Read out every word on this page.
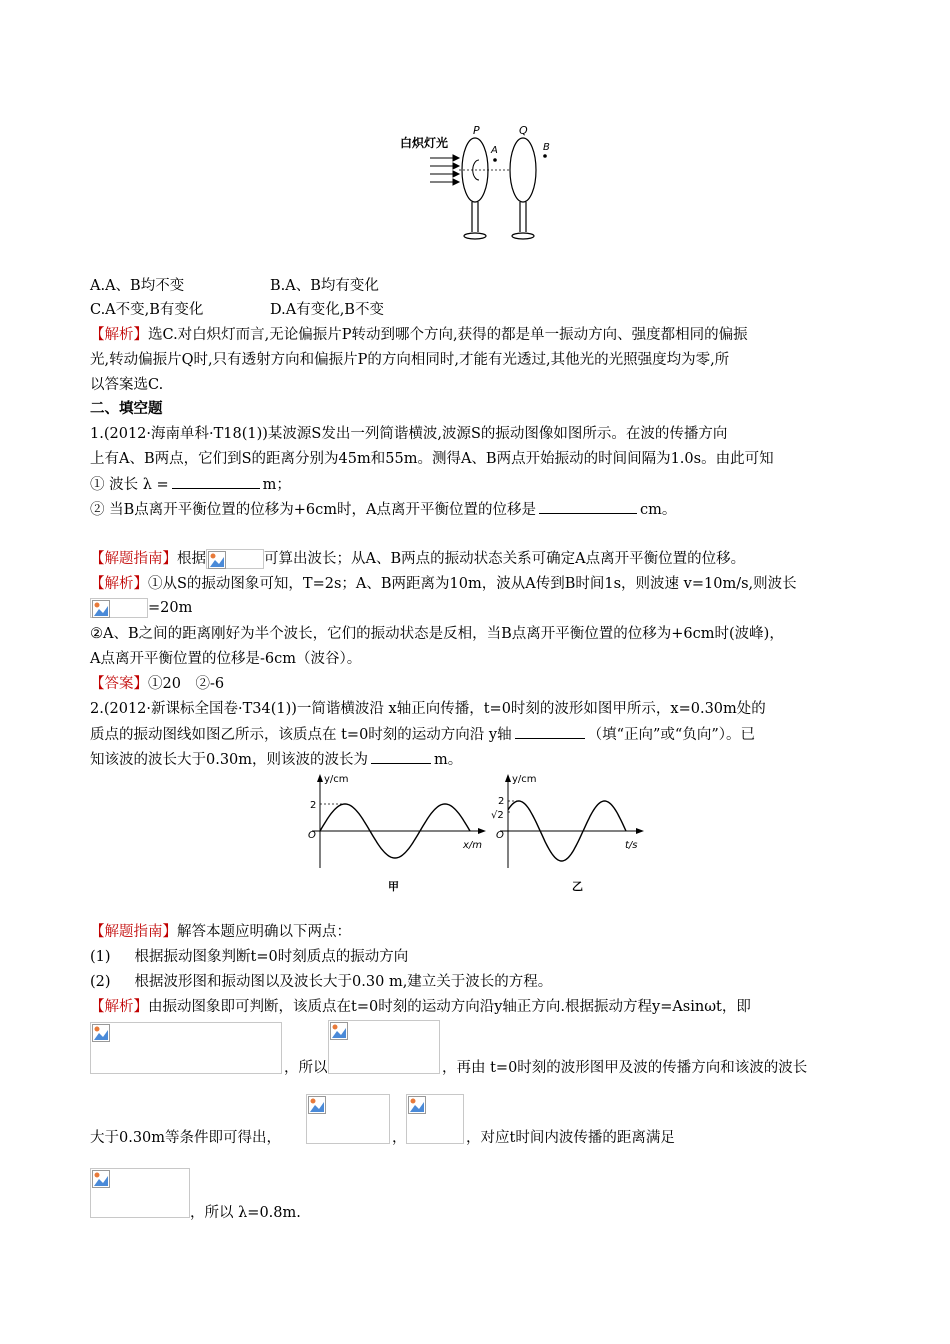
白炽灯光
P
A
Q
B
A.A、B均不变	B.A、B均有变化
C.A不变,B有变化	D.A有变化,B不变
【解析】选C.对白炽灯而言,无论偏振片P转动到哪个方向,获得的都是单一振动方向、强度都相同的偏振
光,转动偏振片Q时,只有透射方向和偏振片P的方向相同时,才能有光透过,其他光的光照强度均为零,所
以答案选C.
二、填空题
1.(2012·海南单科·T18(1))某波源S发出一列简谐横波,波源S的振动图像如图所示。在波的传播方向
上有A、B两点，它们到S的距离分别为45m和55m。测得A、B两点开始振动的时间间隔为1.0s。由此可知
① 波长 λ =	m；
② 当B点离开平衡位置的位移为+6cm时，A点离开平衡位置的位移是	cm。
【解题指南】根据	可算出波长；从A、B两点的振动状态关系可确定A点离开平衡位置的位移。
【解析】①从S的振动图象可知，T=2s；A、B两距离为10m，波从A传到B时间1s，则波速 v=10m/s,则波长
=20m
②A、B之间的距离刚好为半个波长，它们的振动状态是反相，当B点离开平衡位置的位移为+6cm时(波峰)，
A点离开平衡位置的位移是-6cm（波谷）。
【答案】①20　②-6
2.(2012·新课标全国卷·T34(1))一简谐横波沿 x轴正向传播，t=0时刻的波形如图甲所示，x=0.30m处的
质点的振动图线如图乙所示，该质点在 t=0时刻的运动方向沿 y轴	（填“正向”或“负向”）。已
知该波的波长大于0.30m，则该波的波长为	m。
y/cm
x/m
O
2
甲
y/cm
t/s
O
2
√2
乙
【解题指南】解答本题应明确以下两点：
(1) 根据振动图象判断t=0时刻质点的振动方向
(2) 根据波形图和振动图以及波长大于0.30 m,建立关于波长的方程。
【解析】由振动图象即可判断，该质点在t=0时刻的运动方向沿y轴正方向.根据振动方程y=Asinωt，即
，所以	，再由 t=0时刻的波形图甲及波的传播方向和该波的波长
大于0.30m等条件即可得出，	，	，对应t时间内波传播的距离满足
，所以 λ=0.8m.
